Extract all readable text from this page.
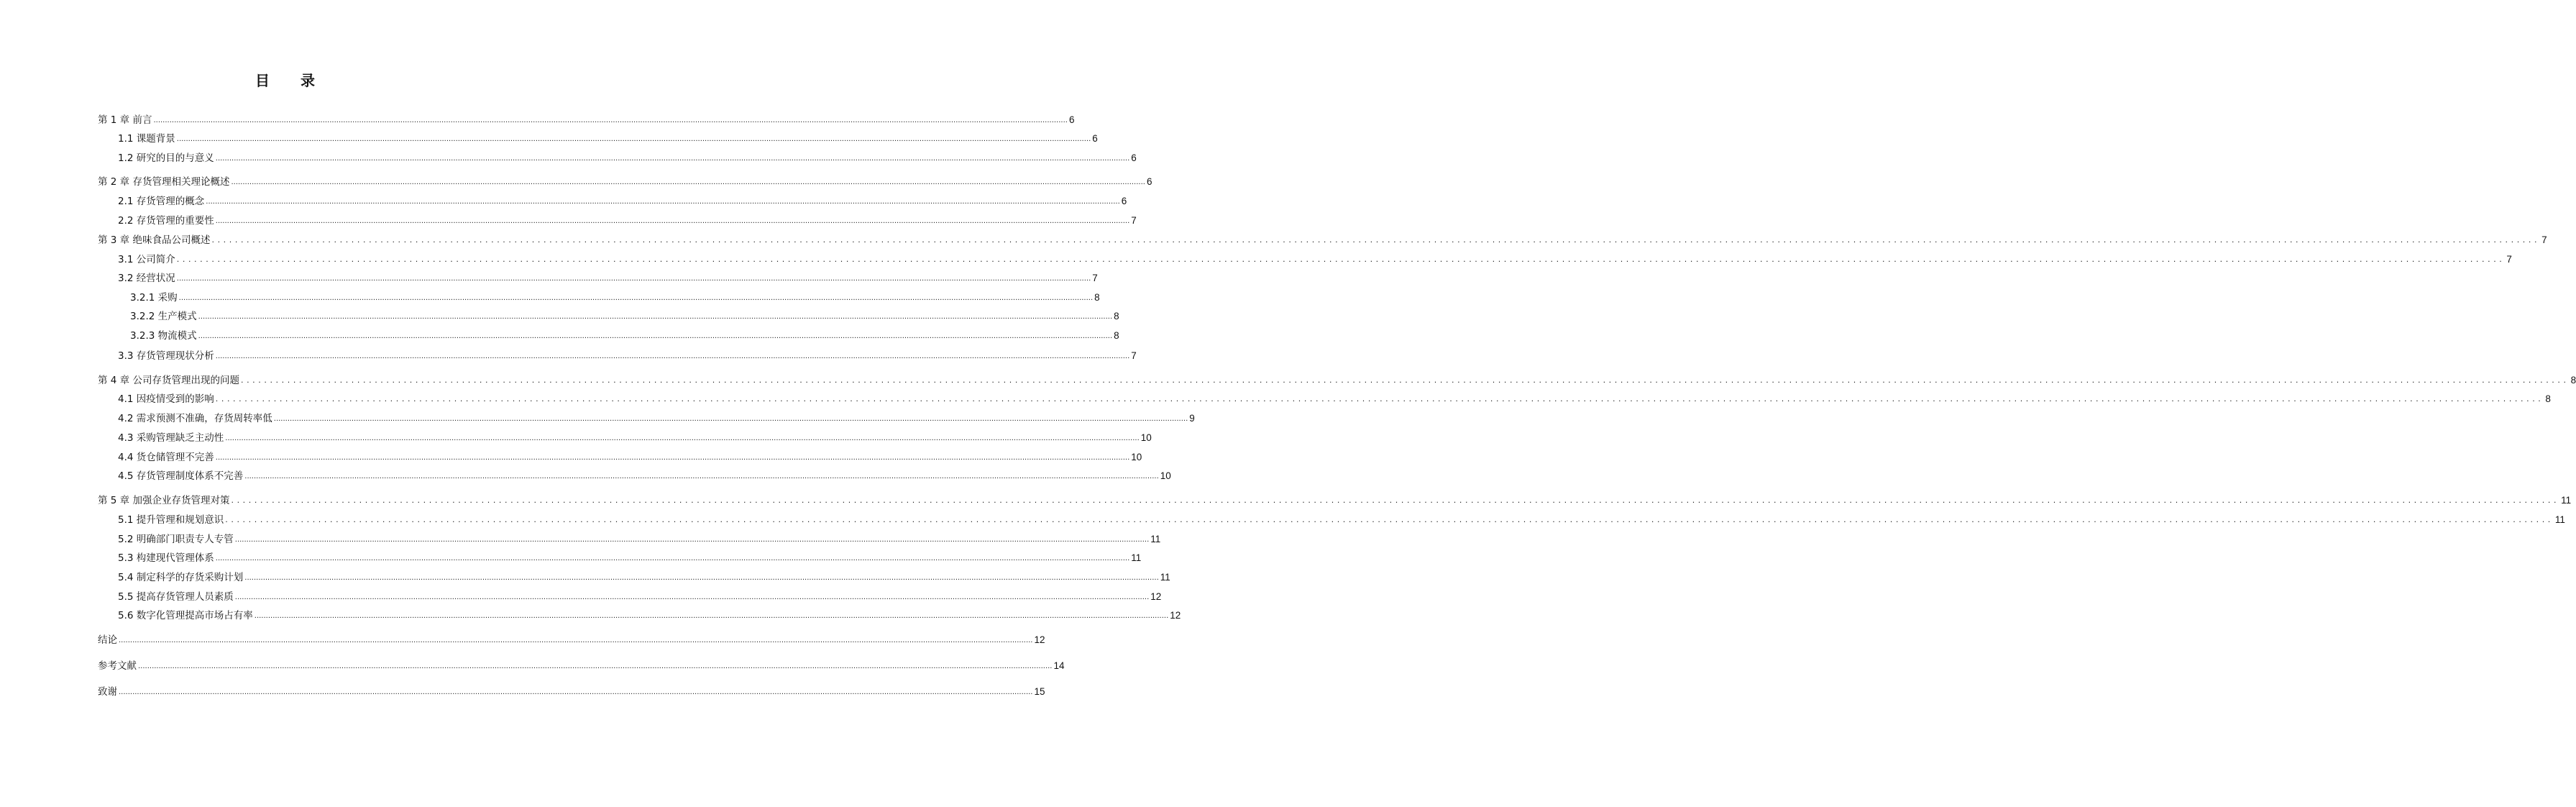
目 录
第 1 章 前言 ................................................................................................................................................................................................................................................................................................................................................................................................................ 6
1.1 课题背景 ................................................................................................................................................................................................................................................................................................................................................................................................................ 6
1.2 研究的目的与意义 ................................................................................................................................................................................................................................................................................................................................................................................................................ 6
第 2 章 存货管理相关理论概述 ................................................................................................................................................................................................................................................................................................................................................................................................................ 6
2.1 存货管理的概念 ................................................................................................................................................................................................................................................................................................................................................................................................................ 6
2.2 存货管理的重要性 ................................................................................................................................................................................................................................................................................................................................................................................................................ 7
第 3 章 绝味食品公司概述 ................................................................................................................................................................................................................................................................................................................................................................................................................ 7
3.1 公司简介 ................................................................................................................................................................................................................................................................................................................................................................................................................ 7
3.2 经营状况 ................................................................................................................................................................................................................................................................................................................................................................................................................ 7
3.2.1 采购 ................................................................................................................................................................................................................................................................................................................................................................................................................ 8
3.2.2 生产模式 ................................................................................................................................................................................................................................................................................................................................................................................................................ 8
3.2.3 物流模式 ................................................................................................................................................................................................................................................................................................................................................................................................................ 8
3.3 存货管理现状分析 ................................................................................................................................................................................................................................................................................................................................................................................................................ 7
第 4 章 公司存货管理出现的问题 ................................................................................................................................................................................................................................................................................................................................................................................................................ 8
4.1 因疫情受到的影响 ................................................................................................................................................................................................................................................................................................................................................................................................................ 8
4.2 需求预测不准确，存货周转率低 ................................................................................................................................................................................................................................................................................................................................................................................................................ 9
4.3 采购管理缺乏主动性 ................................................................................................................................................................................................................................................................................................................................................................................................................ 10
4.4 货仓储管理不完善 ................................................................................................................................................................................................................................................................................................................................................................................................................ 10
4.5 存货管理制度体系不完善 ................................................................................................................................................................................................................................................................................................................................................................................................................ 10
第 5 章 加强企业存货管理对策 ................................................................................................................................................................................................................................................................................................................................................................................................................ 11
5.1 提升管理和规划意识 ................................................................................................................................................................................................................................................................................................................................................................................................................ 11
5.2 明确部门职责专人专管 ................................................................................................................................................................................................................................................................................................................................................................................................................ 11
5.3 构建现代管理体系 ................................................................................................................................................................................................................................................................................................................................................................................................................ 11
5.4 制定科学的存货采购计划 ................................................................................................................................................................................................................................................................................................................................................................................................................ 11
5.5 提高存货管理人员素质 ................................................................................................................................................................................................................................................................................................................................................................................................................ 12
5.6 数字化管理提高市场占有率 ................................................................................................................................................................................................................................................................................................................................................................................................................ 12
结论 ................................................................................................................................................................................................................................................................................................................................................................................................................ 12
参考文献 ................................................................................................................................................................................................................................................................................................................................................................................................................ 14
致谢 ................................................................................................................................................................................................................................................................................................................................................................................................................ 15
